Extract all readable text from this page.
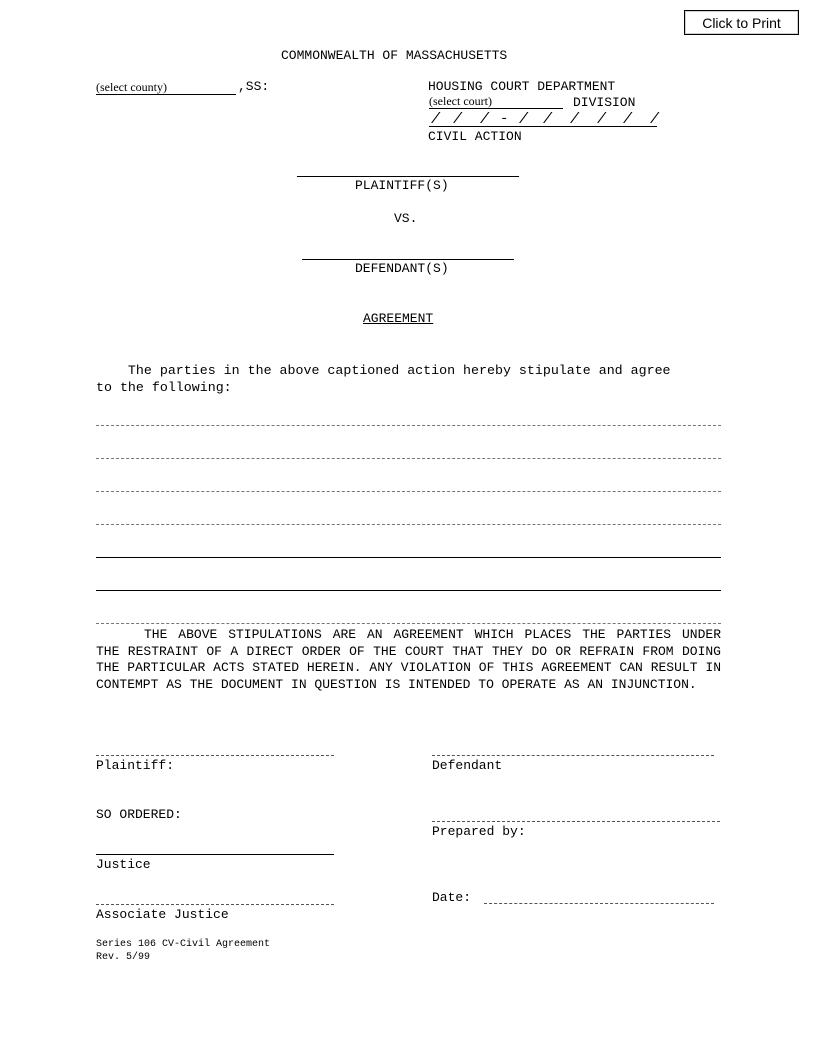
Click to Print
COMMONWEALTH OF MASSACHUSETTS
(select county)	,SS:	HOUSING COURT DEPARTMENT
(select court)	DIVISION
/ / / - / / / / / /
CIVIL ACTION
PLAINTIFF(S)
VS.
DEFENDANT(S)
AGREEMENT
The parties in the above captioned action hereby stipulate and agree
to the following:
THE ABOVE STIPULATIONS ARE AN AGREEMENT WHICH PLACES THE PARTIES UNDER THE RESTRAINT OF A DIRECT ORDER OF THE COURT THAT THEY DO OR REFRAIN FROM DOING THE PARTICULAR ACTS STATED HEREIN. ANY VIOLATION OF THIS AGREEMENT CAN RESULT IN CONTEMPT AS THE DOCUMENT IN QUESTION IS INTENDED TO OPERATE AS AN INJUNCTION.
Plaintiff:	Defendant
SO ORDERED:
Prepared by:
Justice
Date:
Associate Justice
Series 106 CV-Civil Agreement
Rev. 5/99
